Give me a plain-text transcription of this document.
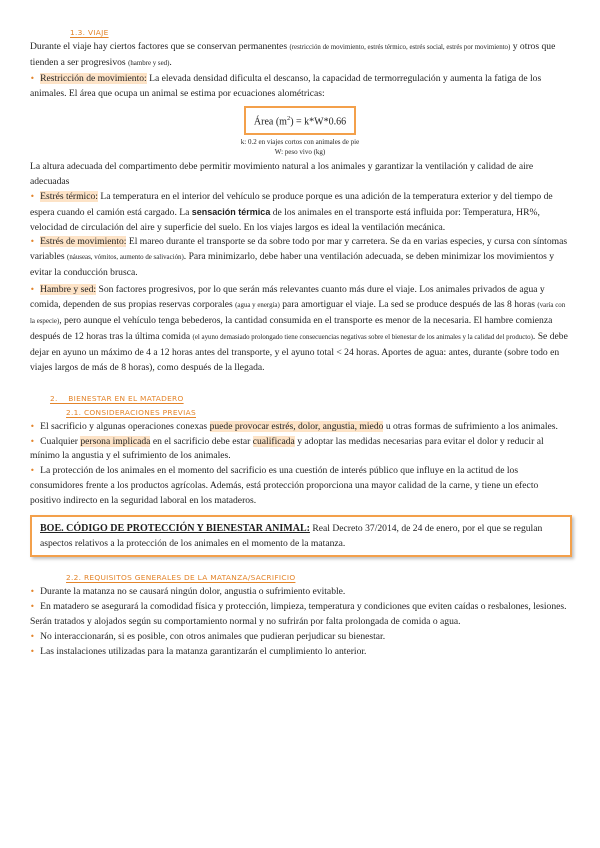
1.3. VIAJE

Durante el viaje hay ciertos factores que se conservan permanentes (restricción de movimiento, estrés térmico, estrés social, estrés por movimiento) y otros que tienden a ser progresivos (hambre y sed).

• Restricción de movimiento: La elevada densidad dificulta el descanso, la capacidad de termorregulación y aumenta la fatiga de los animales. El área que ocupa un animal se estima por ecuaciones alométricas:

Área $(m^2) = k*W*0.66$
k: 0.2 en viajes cortos con animales de pie
W: peso vivo (kg)

La altura adecuada del compartimento debe permitir movimiento natural a los animales y garantizar la ventilación y calidad de aire adecuadas

• Estrés térmico: La temperatura en el interior del vehículo se produce porque es una adición de la temperatura exterior y del tiempo de espera cuando el camión está cargado. La sensación térmica de los animales en el transporte está influida por: Temperatura, HR%, velocidad de circulación del aire y superficie del suelo. En los viajes largos es ideal la ventilación mecánica.

• Estrés de movimiento: El mareo durante el transporte se da sobre todo por mar y carretera. Se da en varias especies, y cursa con síntomas variables (náuseas, vómitos, aumento de salivación). Para minimizarlo, debe haber una ventilación adecuada, se deben minimizar los movimientos y evitar la conducción brusca.

• Hambre y sed: Son factores progresivos, por lo que serán más relevantes cuanto más dure el viaje. Los animales privados de agua y comida, dependen de sus propias reservas corporales (agua y energía) para amortiguar el viaje. La sed se produce después de las 8 horas (varía con la especie), pero aunque el vehículo tenga bebederos, la cantidad consumida en el transporte es menor de la necesaria. El hambre comienza después de 12 horas tras la última comida (el ayuno demasiado prolongado tiene consecuencias negativas sobre el bienestar de los animales y la calidad del producto). Se debe dejar en ayuno un máximo de 4 a 12 horas antes del transporte, y el ayuno total < 24 horas. Aportes de agua: antes, durante (sobre todo en viajes largos de más de 8 horas), como después de la llegada.

2.    BIENESTAR EN EL MATADERO
2.1. CONSIDERACIONES PREVIAS

• El sacrificio y algunas operaciones conexas puede provocar estrés, dolor, angustia, miedo u otras formas de sufrimiento a los animales.

• Cualquier persona implicada en el sacrificio debe estar cualificada y adoptar las medidas necesarias para evitar el dolor y reducir al mínimo la angustia y el sufrimiento de los animales.

• La protección de los animales en el momento del sacrificio es una cuestión de interés público que influye en la actitud de los consumidores frente a los productos agrícolas. Además, está protección proporciona una mayor calidad de la carne, y tiene un efecto positivo indirecto en la seguridad laboral en los mataderos.

BOE. CÓDIGO DE PROTECCIÓN Y BIENESTAR ANIMAL: Real Decreto 37/2014, de 24 de enero, por el que se regulan aspectos relativos a la protección de los animales en el momento de la matanza.
2.2. REQUISITOS GENERALES DE LA MATANZA/SACRIFICIO

• Durante la matanza no se causará ningún dolor, angustia o sufrimiento evitable.

• En matadero se asegurará la comodidad física y protección, limpieza, temperatura y condiciones que eviten caídas o resbalones, lesiones. Serán tratados y alojados según su comportamiento normal y no sufrirán por falta prolongada de comida o agua.

• No interaccionarán, si es posible, con otros animales que pudieran perjudicar su bienestar.

• Las instalaciones utilizadas para la matanza garantizarán el cumplimiento lo anterior.
